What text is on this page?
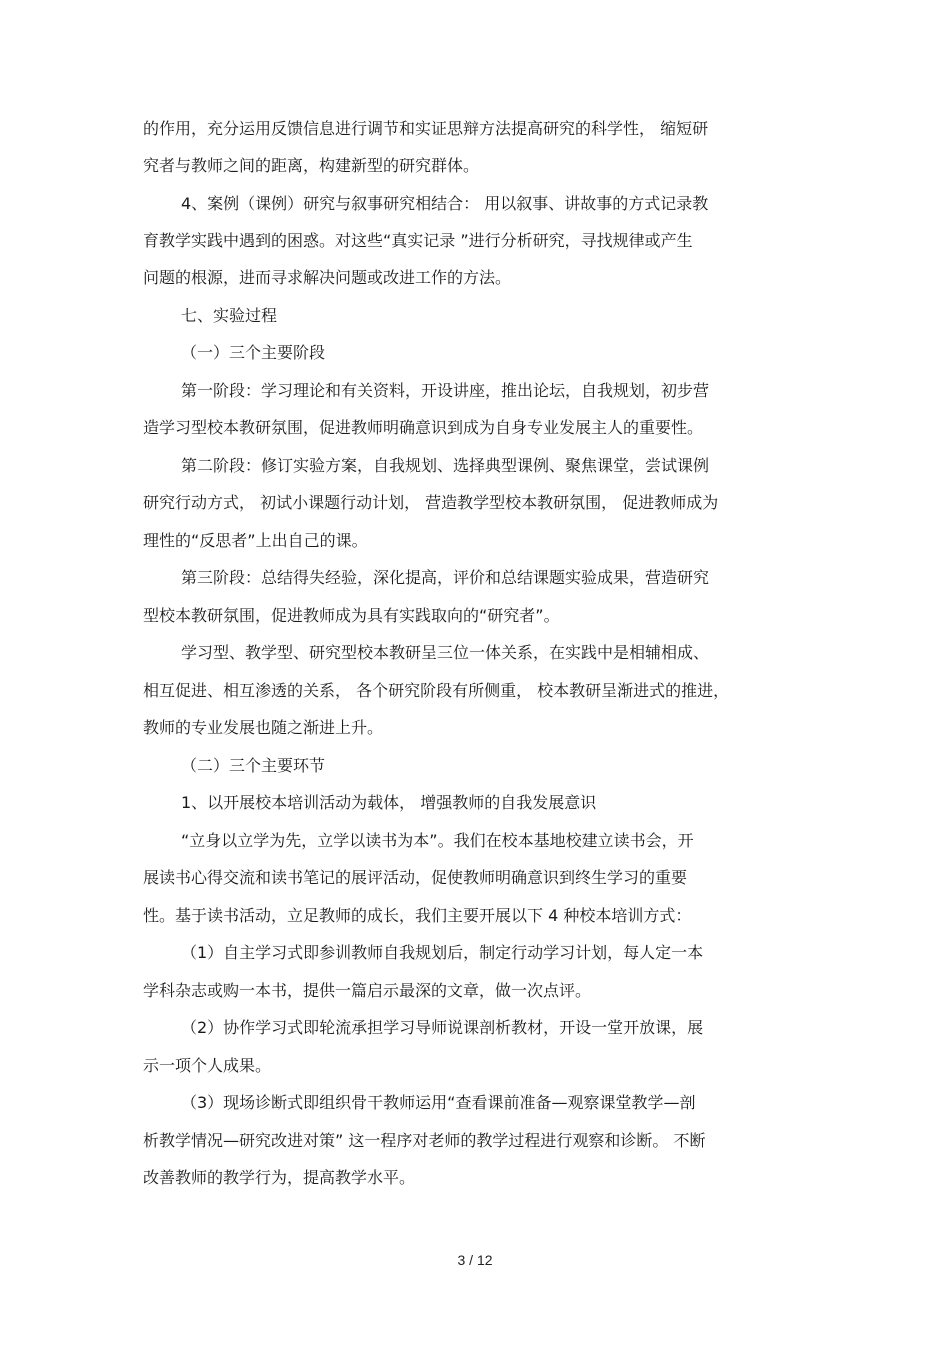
的作用，充分运用反馈信息进行调节和实证思辩方法提高研究的科学性， 缩短研

究者与教师之间的距离，构建新型的研究群体。

4、案例（课例）研究与叙事研究相结合： 用以叙事、讲故事的方式记录教

育教学实践中遇到的困惑。对这些“真实记录 ”进行分析研究，寻找规律或产生

问题的根源，进而寻求解决问题或改进工作的方法。

七、实验过程

（一）三个主要阶段

第一阶段：学习理论和有关资料，开设讲座，推出论坛，自我规划，初步营

造学习型校本教研氛围，促进教师明确意识到成为自身专业发展主人的重要性。

第二阶段：修订实验方案，自我规划、选择典型课例、聚焦课堂，尝试课例

研究行动方式， 初试小课题行动计划， 营造教学型校本教研氛围， 促进教师成为

理性的“反思者”上出自己的课。

第三阶段：总结得失经验，深化提高，评价和总结课题实验成果，营造研究

型校本教研氛围，促进教师成为具有实践取向的“研究者”。

学习型、教学型、研究型校本教研呈三位一体关系，在实践中是相辅相成、

相互促进、相互渗透的关系， 各个研究阶段有所侧重， 校本教研呈渐进式的推进，

教师的专业发展也随之渐进上升。

（二）三个主要环节

1、以开展校本培训活动为载体， 增强教师的自我发展意识

“立身以立学为先，立学以读书为本”。我们在校本基地校建立读书会，开

展读书心得交流和读书笔记的展评活动，促使教师明确意识到终生学习的重要

性。基于读书活动，立足教师的成长，我们主要开展以下 4 种校本培训方式：

（1）自主学习式即参训教师自我规划后，制定行动学习计划，每人定一本

学科杂志或购一本书，提供一篇启示最深的文章，做一次点评。

（2）协作学习式即轮流承担学习导师说课剖析教材，开设一堂开放课，展

示一项个人成果。

（3）现场诊断式即组织骨干教师运用“查看课前准备—观察课堂教学—剖

析教学情况—研究改进对策” 这一程序对老师的教学过程进行观察和诊断。 不断

改善教师的教学行为，提高教学水平。

3 / 12
